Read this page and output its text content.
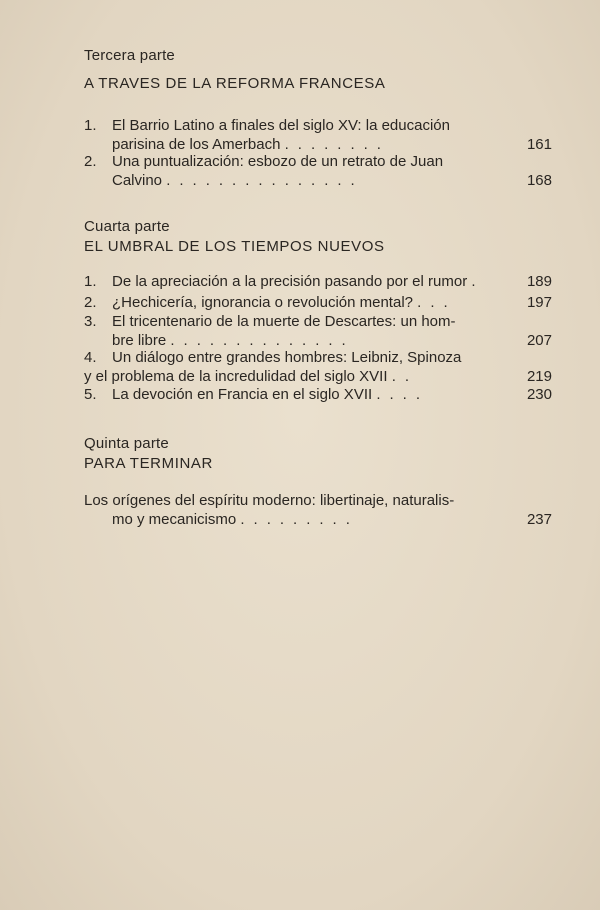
Tercera parte
A TRAVES DE LA REFORMA FRANCESA
1.	El Barrio Latino a finales del siglo XV: la educación
parisina de los Amerbach ........	161
2.	Una puntualización: esbozo de un retrato de Juan
Calvino ...............	168
Cuarta parte
EL UMBRAL DE LOS TIEMPOS NUEVOS
1.	De la apreciación a la precisión pasando por el rumor .	189
2.	¿Hechicería, ignorancia o revolución mental? ...	197
3.	El tricentenario de la muerte de Descartes: un hom-
bre libre ..............	207
4.	Un diálogo entre grandes hombres: Leibniz, Spinoza
y el problema de la incredulidad del siglo XVII ..	219
5.	La devoción en Francia en el siglo XVII ....	230
Quinta parte
PARA TERMINAR
Los orígenes del espíritu moderno: libertinaje, naturalis-
mo y mecanicismo .........	237
